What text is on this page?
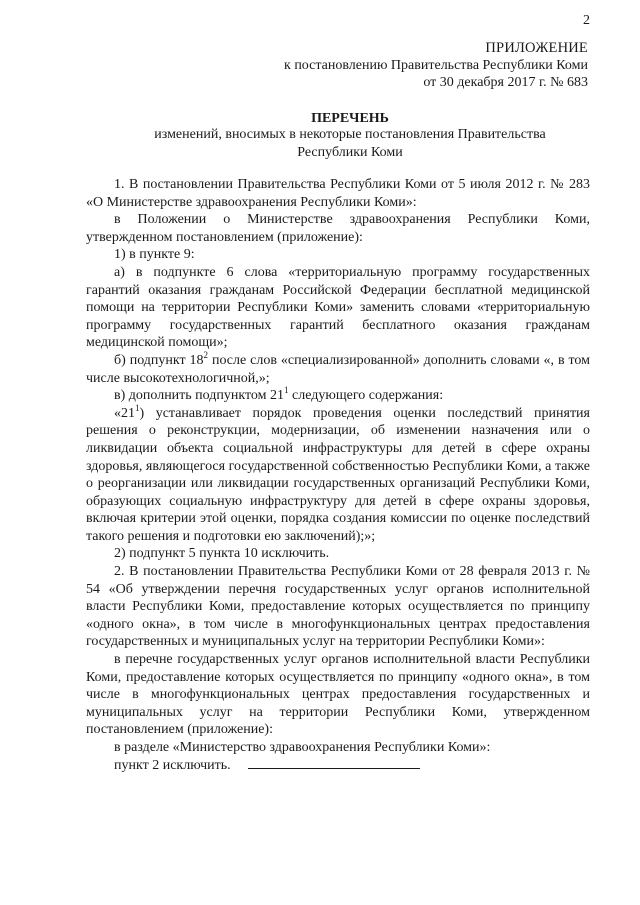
2
ПРИЛОЖЕНИЕ
к постановлению Правительства Республики Коми
от 30 декабря 2017 г. № 683
ПЕРЕЧЕНЬ
изменений, вносимых в некоторые постановления Правительства
Республики Коми

1. В постановлении Правительства Республики Коми от 5 июля 2012 г. № 283 «О Министерстве здравоохранения Республики Коми»:

в Положении о Министерстве здравоохранения Республики Коми, утвержденном постановлением (приложение):

1) в пункте 9:

а) в подпункте 6 слова «территориальную программу государственных гарантий оказания гражданам Российской Федерации бесплатной медицинской помощи на территории Республики Коми» заменить словами «территориальную программу государственных гарантий бесплатного оказания гражданам медицинской помощи»;

б) подпункт $18^2$ после слов «специализированной» дополнить словами «, в том числе высокотехнологичной,»;

в) дополнить подпунктом $21^1$ следующего содержания:

«$21^1$) устанавливает порядок проведения оценки последствий принятия решения о реконструкции, модернизации, об изменении назначения или о ликвидации объекта социальной инфраструктуры для детей в сфере охраны здоровья, являющегося государственной собственностью Республики Коми, а также о реорганизации или ликвидации государственных организаций Республики Коми, образующих социальную инфраструктуру для детей в сфере охраны здоровья, включая критерии этой оценки, порядка создания комиссии по оценке последствий такого решения и подготовки ею заключений);»;

2) подпункт 5 пункта 10 исключить.

2. В постановлении Правительства Республики Коми от 28 февраля 2013 г. № 54 «Об утверждении перечня государственных услуг органов исполнительной власти Республики Коми, предоставление которых осуществляется по принципу «одного окна», в том числе в многофункциональных центрах предоставления государственных и муниципальных услуг на территории Республики Коми»:

в перечне государственных услуг органов исполнительной власти Республики Коми, предоставление которых осуществляется по принципу «одного окна», в том числе в многофункциональных центрах предоставления государственных и муниципальных услуг на территории Республики Коми, утвержденном постановлением (приложение):

в разделе «Министерство здравоохранения Республики Коми»:

пункт 2 исключить.
